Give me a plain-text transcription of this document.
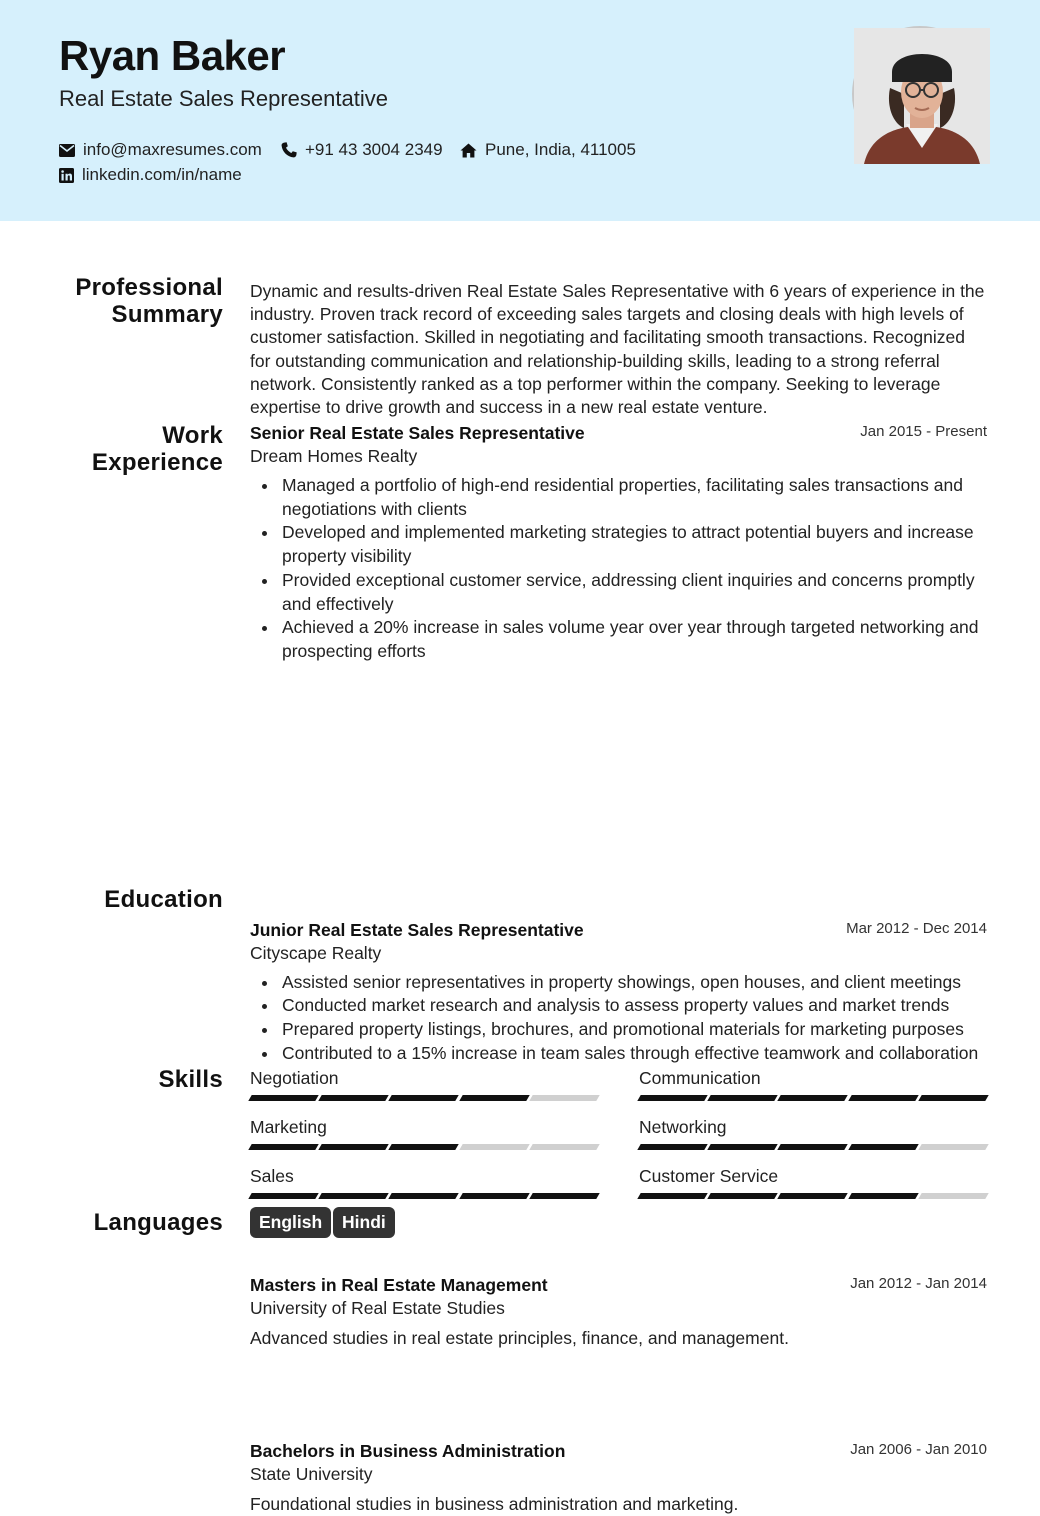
Ryan Baker
Real Estate Sales Representative
info@maxresumes.com	+91 43 3004 2349 Pune, India, 411005
linkedin.com/in/name
Professional Summary
Dynamic and results-driven Real Estate Sales Representative with 6 years of experience in the industry. Proven track record of exceeding sales targets and closing deals with high levels of customer satisfaction. Skilled in negotiating and facilitating smooth transactions. Recognized for outstanding communication and relationship-building skills, leading to a strong referral network. Consistently ranked as a top performer within the company. Seeking to leverage expertise to drive growth and success in a new real estate venture.
Work Experience
Senior Real Estate Sales Representative	Jan 2015 - Present
Dream Homes Realty
Managed a portfolio of high-end residential properties, facilitating sales transactions and negotiations with clients
Developed and implemented marketing strategies to attract potential buyers and increase property visibility
Provided exceptional customer service, addressing client inquiries and concerns promptly and effectively
Achieved a 20% increase in sales volume year over year through targeted networking and prospecting efforts
Junior Real Estate Sales Representative	Mar 2012 - Dec 2014
Cityscape Realty
Assisted senior representatives in property showings, open houses, and client meetings
Conducted market research and analysis to assess property values and market trends
Prepared property listings, brochures, and promotional materials for marketing purposes
Contributed to a 15% increase in team sales through effective teamwork and collaboration
Education
Masters in Real Estate Management	Jan 2012 - Jan 2014
University of Real Estate Studies
Advanced studies in real estate principles, finance, and management.
Bachelors in Business Administration	Jan 2006 - Jan 2010
State University
Foundational studies in business administration and marketing.
Skills Negotiation	Communication
Marketing	Networking
Sales	Customer Service
Languages	English	Hindi
